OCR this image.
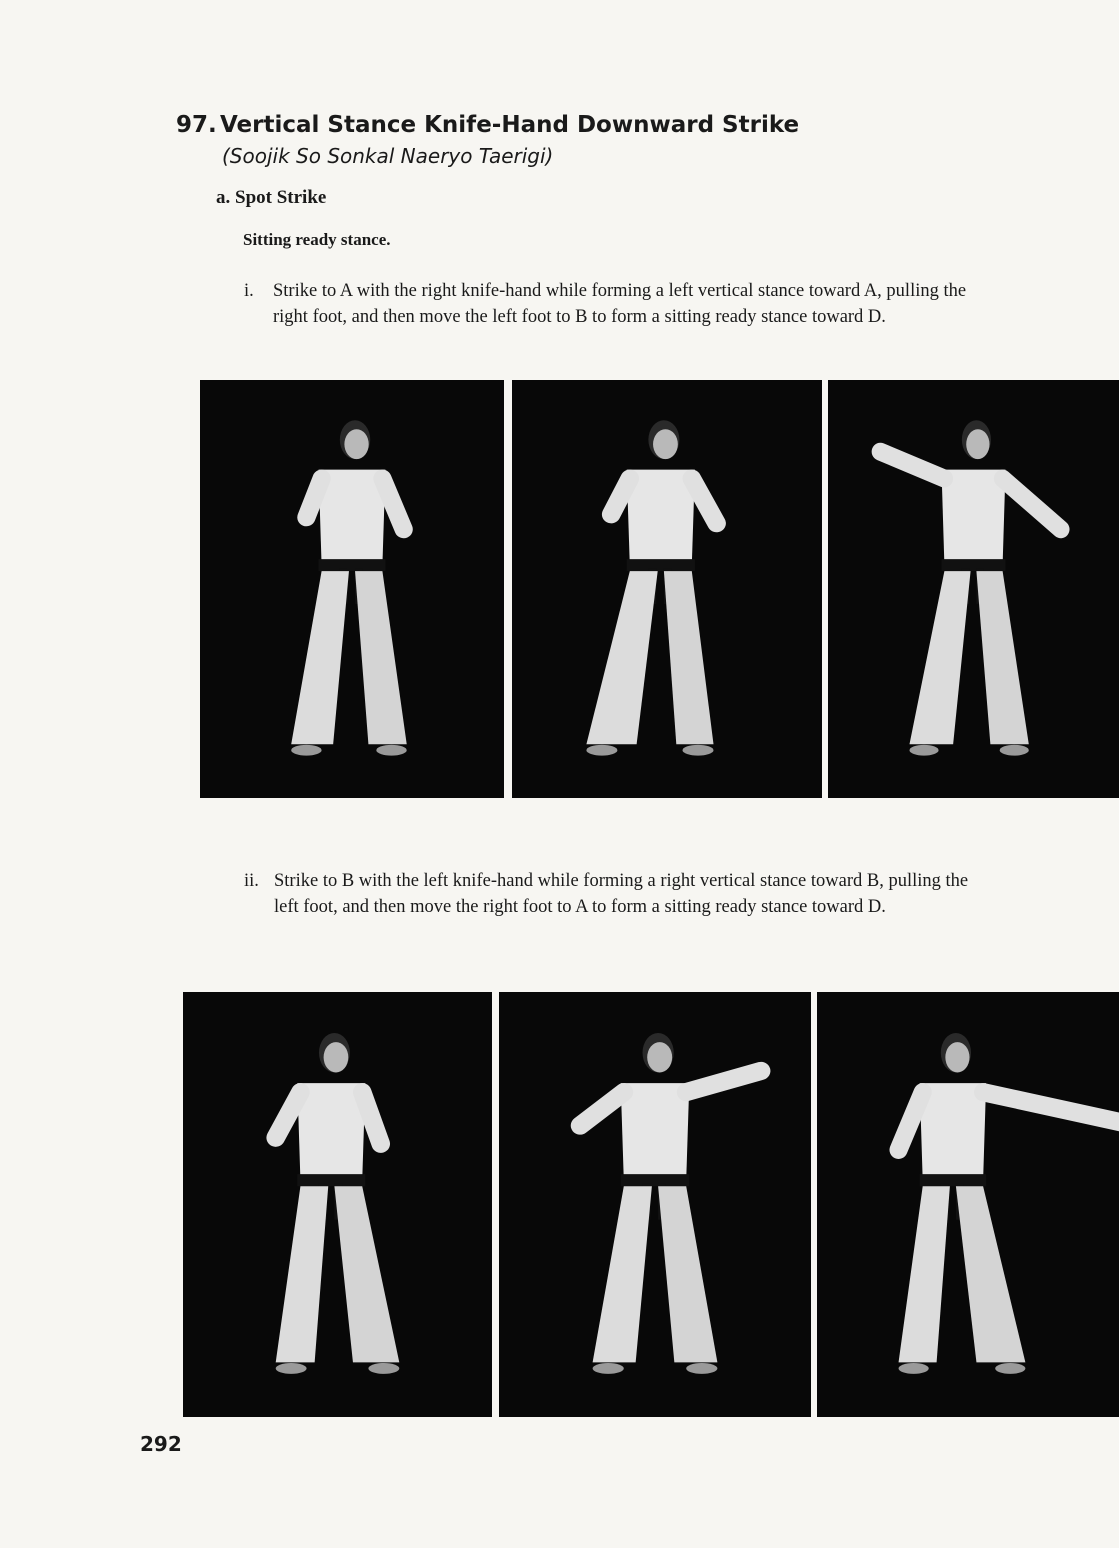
97. Vertical Stance Knife-Hand Downward Strike
(Soojik So Sonkal Naeryo Taerigi)
a. Spot Strike
Sitting ready stance.
i. Strike to A with the right knife-hand while forming a left vertical stance toward A, pulling the right foot, and then move the left foot to B to form a sitting ready stance toward D.
ii. Strike to B with the left knife-hand while forming a right vertical stance toward B, pulling the left foot, and then move the right foot to A to form a sitting ready stance toward D.
292
